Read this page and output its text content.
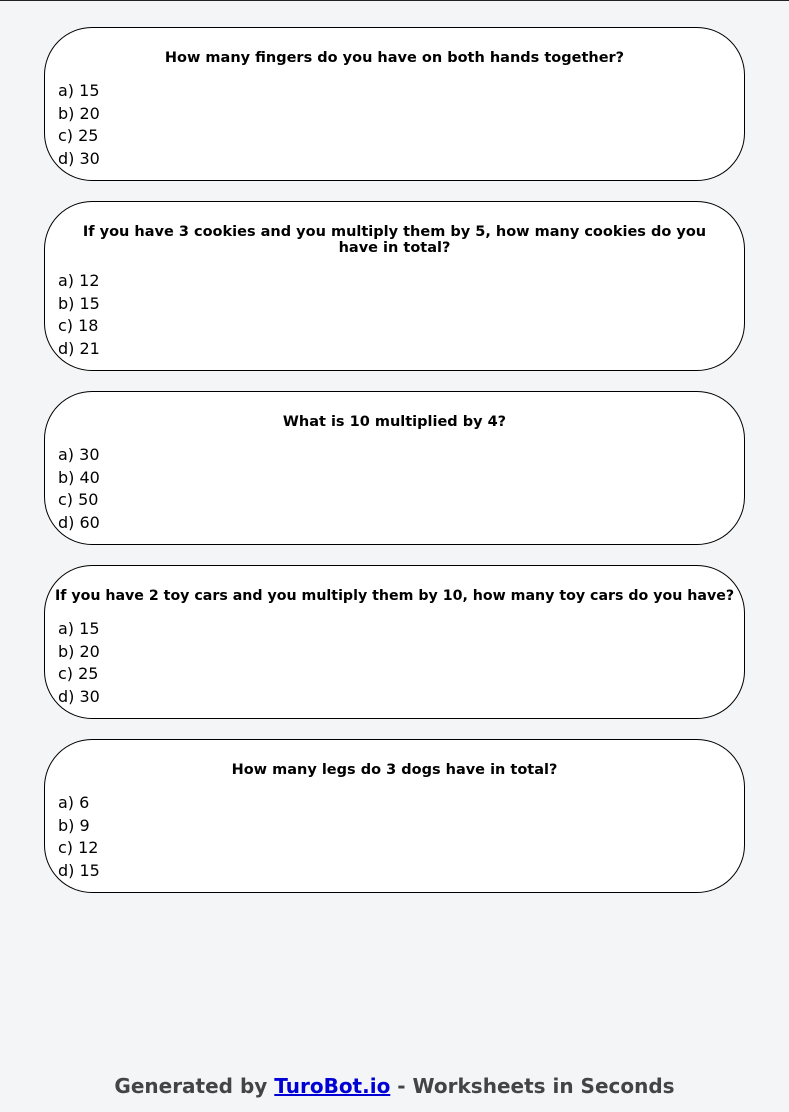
How many fingers do you have on both hands together?
a) 15
b) 20
c) 25
d) 30
If you have 3 cookies and you multiply them by 5, how many cookies do you have in total?
a) 12
b) 15
c) 18
d) 21
What is 10 multiplied by 4?
a) 30
b) 40
c) 50
d) 60
If you have 2 toy cars and you multiply them by 10, how many toy cars do you have?
a) 15
b) 20
c) 25
d) 30
How many legs do 3 dogs have in total?
a) 6
b) 9
c) 12
d) 15
Generated by TuroBot.io - Worksheets in Seconds
